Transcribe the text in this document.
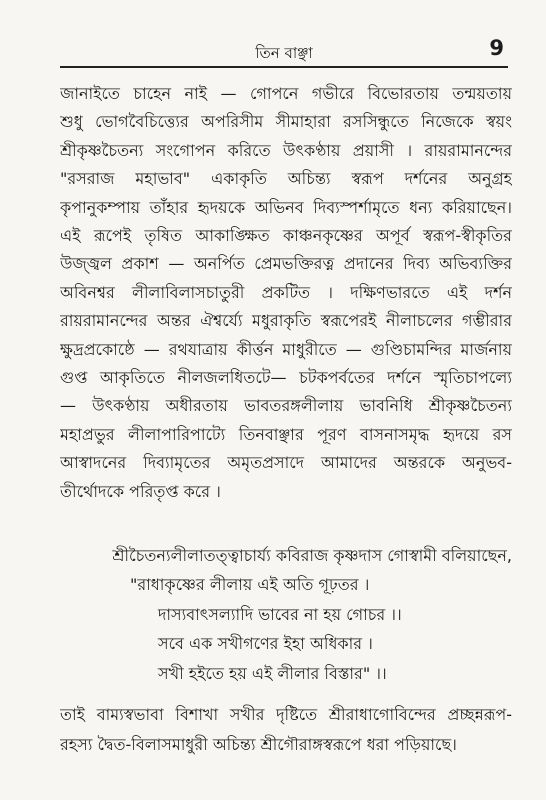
তিন বাঞ্ছা	9
জানাইতে চাহেন নাই — গোপনে গভীরে বিভোরতায় তন্ময়তায়
শুধু ভোগবৈচিত্ত্যের অপরিসীম সীমাহারা রসসিন্ধুতে নিজেকে স্বয়ং
শ্রীকৃষ্ণচৈতন্য সংগোপন করিতে উৎকণ্ঠায় প্রয়াসী । রায়রামানন্দের
"রসরাজ মহাভাব" একাকৃতি অচিন্ত্য স্বরূপ দর্শনের অনুগ্রহ
কৃপানুকম্পায় তাঁহার হৃদয়কে অভিনব দিব্যস্পর্শামৃতে ধন্য করিয়াছেন।
এই রূপেই তৃষিত আকাঙ্ক্ষিত কাঞ্চনকৃষ্ণের অপূর্ব স্বরূপ-স্বীকৃতির
উজ্জ্বল প্রকাশ — অনর্পিত প্রেমভক্তিরত্ন প্রদানের দিব্য অভিব্যক্তির
অবিনশ্বর লীলাবিলাসচাতুরী প্রকটিত । দক্ষিণভারতে এই দর্শন
রায়রামানন্দের অন্তর ঐশ্বর্য্যে মধুরাকৃতি স্বরূপেরই নীলাচলের গম্ভীরার
ক্ষুদ্রপ্রকোষ্ঠে — রথযাত্রায় কীর্ত্তন মাধুরীতে — গুণ্ডিচামন্দির মার্জনায়
গুপ্ত আকৃতিতে নীলজলধিতটে— চটকপর্বতের দর্শনে স্মৃতিচাপল্যে
— উৎকণ্ঠায় অধীরতায় ভাবতরঙ্গলীলায় ভাবনিধি শ্রীকৃষ্ণচৈতন্য
মহাপ্রভুর লীলাপারিপাট্যে তিনবাঞ্ছার পূরণ বাসনাসমৃদ্ধ হৃদয়ে রস
আস্বাদনের দিব্যামৃতের অমৃতপ্রসাদে আমাদের অন্তরকে অনুভব-
তীর্থোদকে পরিতৃপ্ত করে ।
শ্রীচৈতন্যলীলাতত্ত্বাচার্য্য কবিরাজ কৃষ্ণদাস গোস্বামী বলিয়াছেন,
"রাধাকৃষ্ণের লীলায় এই অতি গূঢ়তর ।
দাস্যবাৎসল্যাদি ভাবের না হয় গোচর ।।
সবে এক সখীগণের ইহা অধিকার ।
সখী হইতে হয় এই লীলার বিস্তার" ।।
তাই বাম্যস্বভাবা বিশাখা সখীর দৃষ্টিতে শ্রীরাধাগোবিন্দের প্রচ্ছন্নরূপ-
রহস্য দ্বৈত-বিলাসমাধুরী অচিন্ত্য শ্রীগৌরাঙ্গস্বরূপে ধরা পড়িয়াছে।
